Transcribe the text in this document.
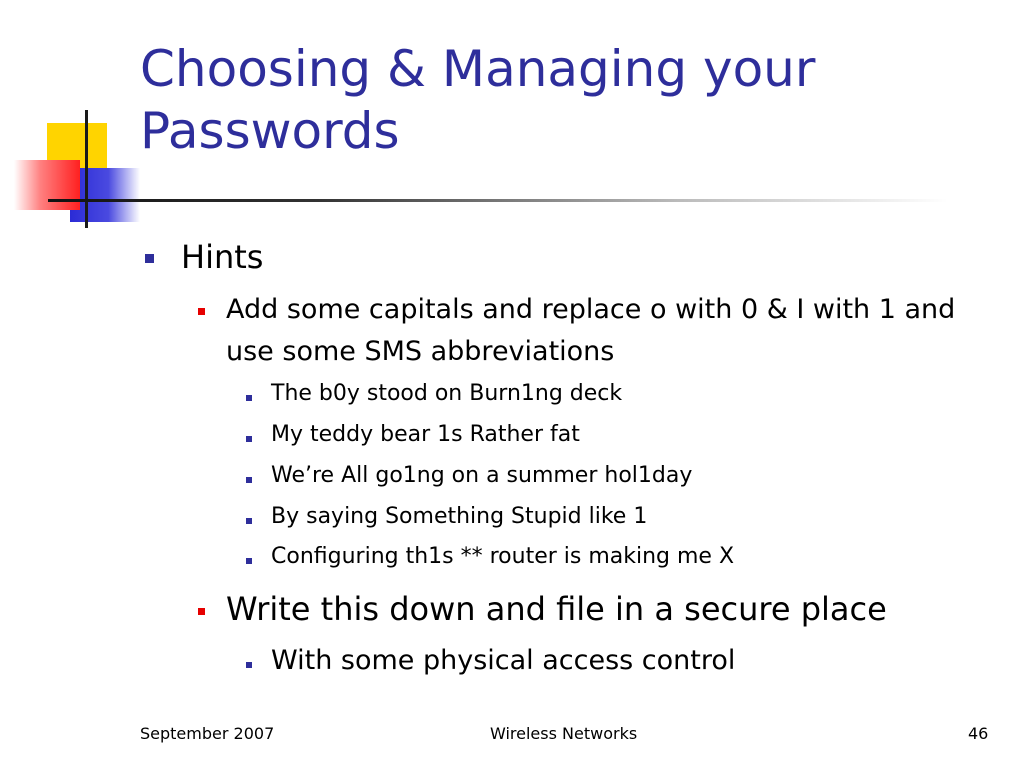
Choosing & Managing your Passwords

Hints

Add some capitals and replace o with 0 & I with 1 and use some SMS abbreviations

The b0y stood on Burn1ng deck

My teddy bear 1s Rather fat

We’re All go1ng on a summer hol1day

By saying Something Stupid like 1

Configuring th1s ** router is making me X

Write this down and file in a secure place

With some physical access control

September 2007	Wireless Networks	46
